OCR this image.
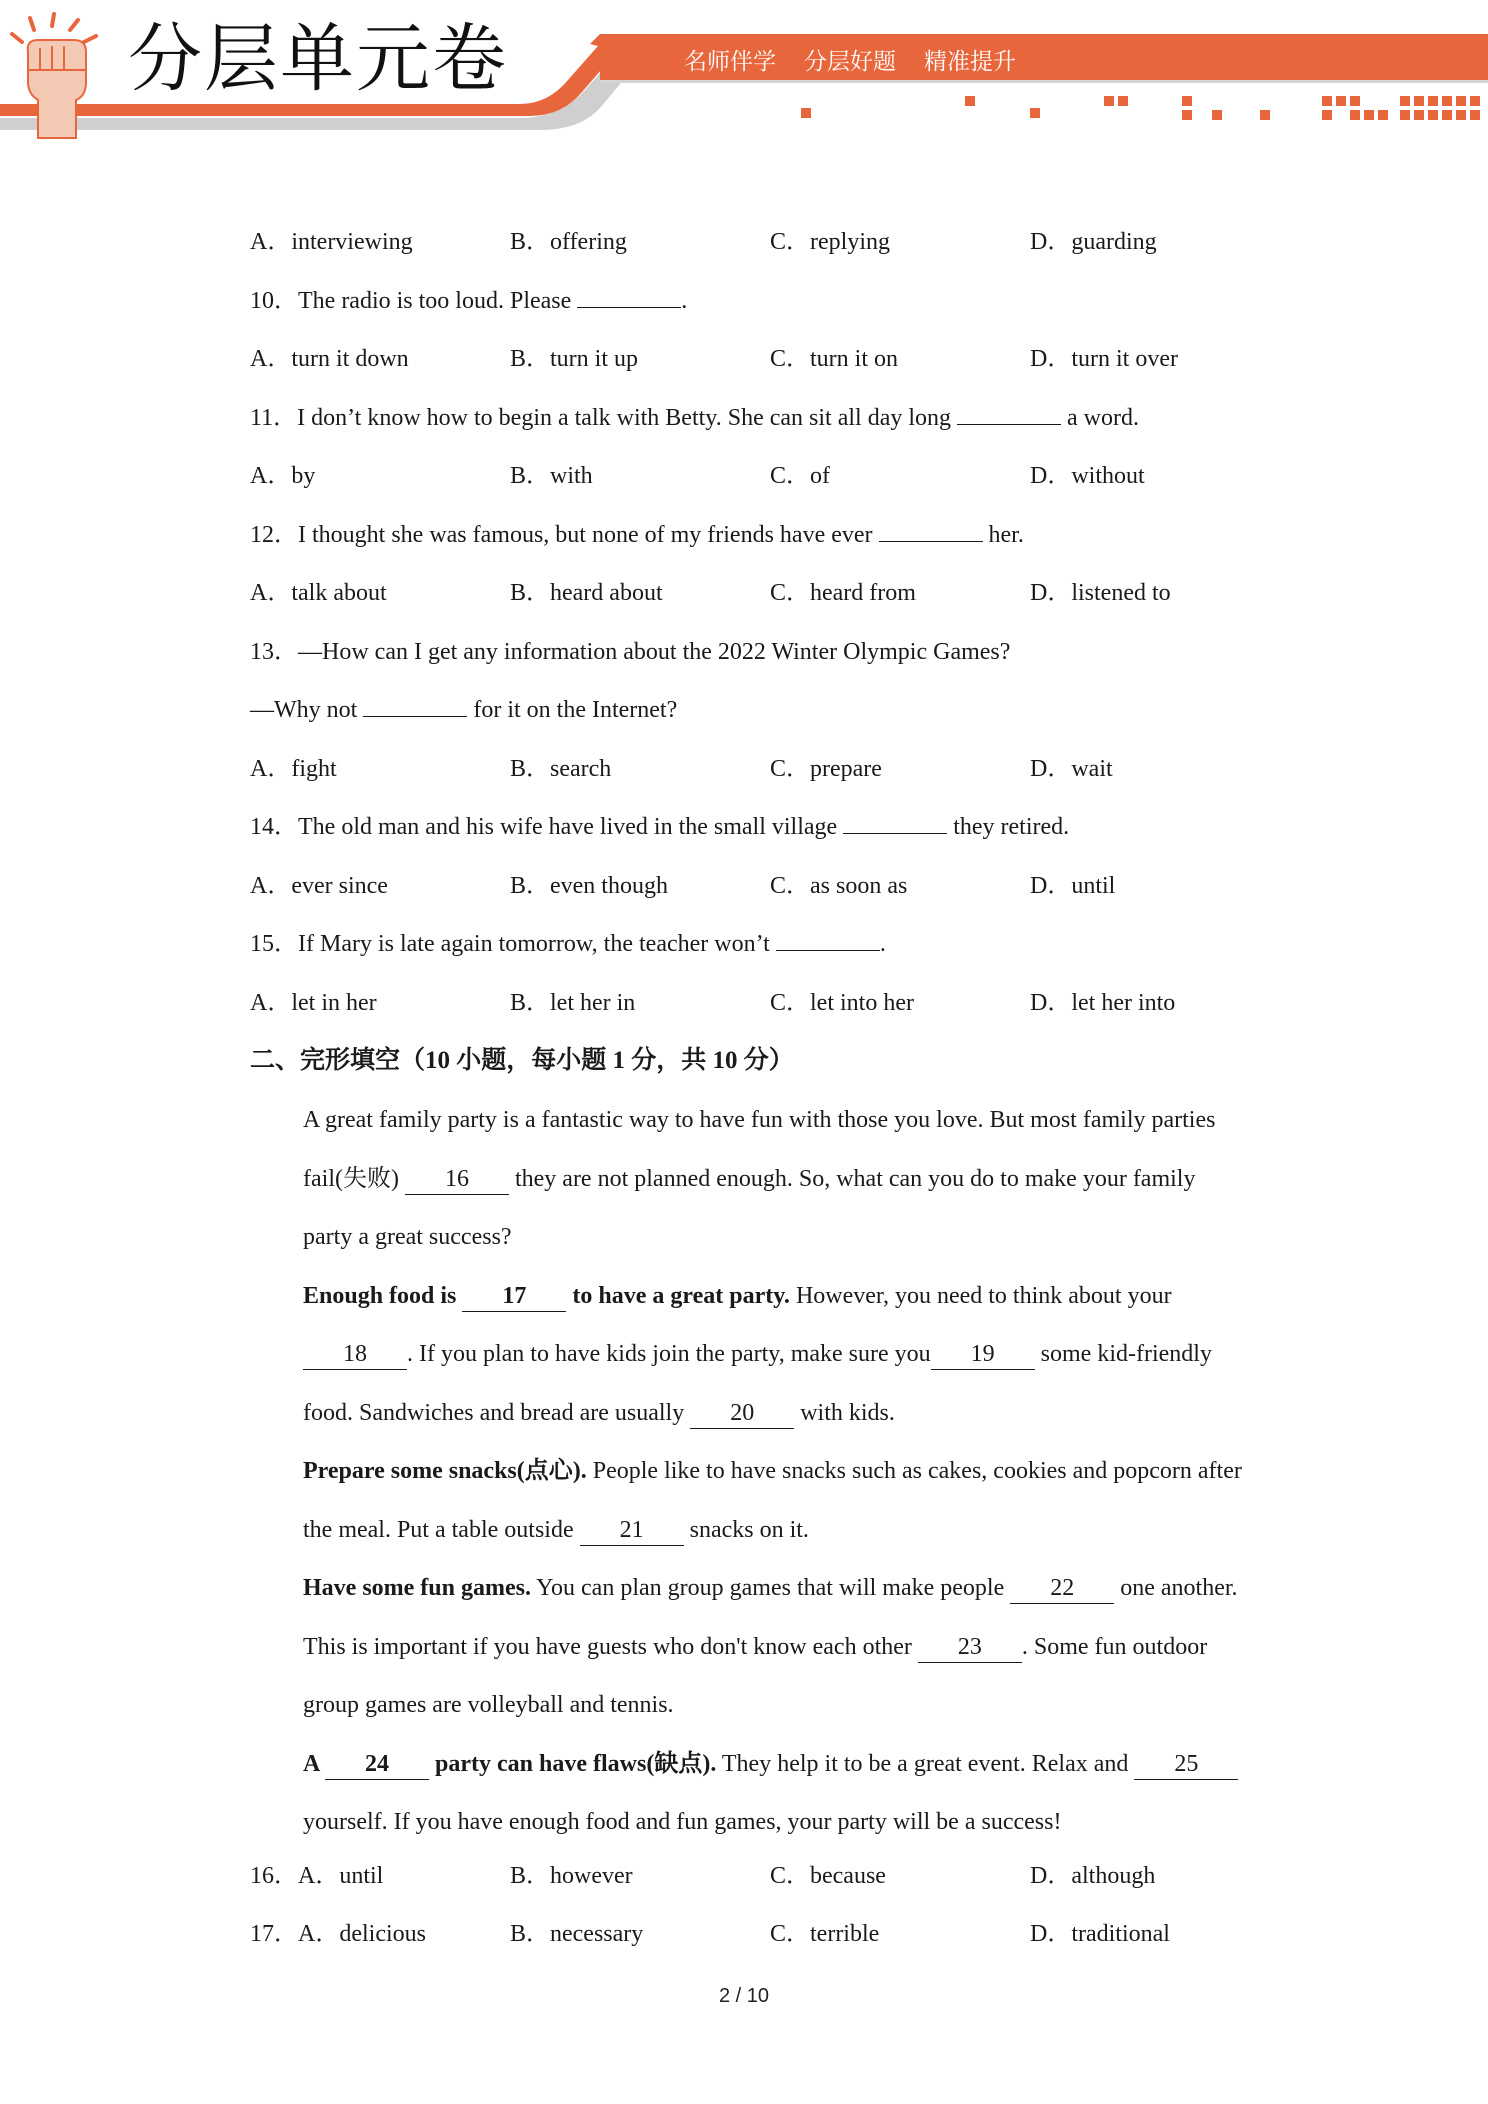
分层单元卷	名师伴学 分层好题 精准提升
A．interviewing	B．offering	C．replying	D．guarding
10．The radio is too loud. Please	.
A．turn it down	B．turn it up	C．turn it on	D．turn it over
11．I don’t know how to begin a talk with Betty. She can sit all day long	a word.
A．by	B．with	C．of	D．without
12．I thought she was famous, but none of my friends have ever	her.
A．talk about	B．heard about	C．heard from	D．listened to
13．—How can I get any information about the 2022 Winter Olympic Games?
—Why not	for it on the Internet?
A．fight	B．search	C．prepare	D．wait
14．The old man and his wife have lived in the small village	they retired.
A．ever since	B．even though	C．as soon as	D．until
15．If Mary is late again tomorrow, the teacher won’t	.
A．let in her	B．let her in	C．let into her	D．let her into
二、完形填空（10 小题，每小题 1 分，共 10 分）

A great family party is a fantastic way to have fun with those you love. But most family parties fail(失败) 16 they are not planned enough. So, what can you do to make your family party a great success?

Enough food is 17 to have a great party. However, you need to think about your 18 . If you plan to have kids join the party, make sure you 19 some kid-friendly food. Sandwiches and bread are usually 20 with kids.

Prepare some snacks(点心). People like to have snacks such as cakes, cookies and popcorn after the meal. Put a table outside 21 snacks on it.

Have some fun games. You can plan group games that will make people 22 one another. This is important if you have guests who don't know each other 23 . Some fun outdoor group games are volleyball and tennis.

A 24 party can have flaws(缺点). They help it to be a great event. Relax and 25 yourself. If you have enough food and fun games, your party will be a success!

16． A．until	B．however	C．because	D．although
17． A．delicious	B．necessary	C．terrible	D．traditional
2 / 10
